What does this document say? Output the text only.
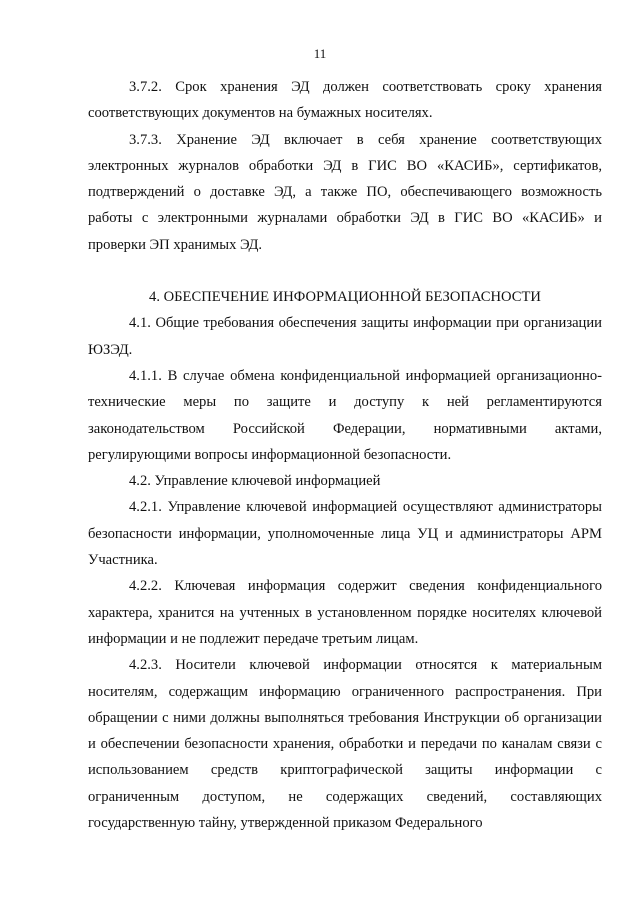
11

3.7.2. Срок хранения ЭД должен соответствовать сроку хранения соответствующих документов на бумажных носителях.

3.7.3. Хранение ЭД включает в себя хранение соответствующих электронных журналов обработки ЭД в ГИС ВО «КАСИБ», сертификатов, подтверждений о доставке ЭД, а также ПО, обеспечивающего возможность работы с электронными журналами обработки ЭД в ГИС ВО «КАСИБ» и проверки ЭП хранимых ЭД.

4. ОБЕСПЕЧЕНИЕ ИНФОРМАЦИОННОЙ БЕЗОПАСНОСТИ

4.1. Общие требования обеспечения защиты информации при организации ЮЗЭД.

4.1.1. В случае обмена конфиденциальной информацией организационно-технические меры по защите и доступу к ней регламентируются законодательством Российской Федерации, нормативными актами, регулирующими вопросы информационной безопасности.

4.2. Управление ключевой информацией

4.2.1. Управление ключевой информацией осуществляют администраторы безопасности информации, уполномоченные лица УЦ и администраторы АРМ Участника.

4.2.2. Ключевая информация содержит сведения конфиденциального характера, хранится на учтенных в установленном порядке носителях ключевой информации и не подлежит передаче третьим лицам.

4.2.3. Носители ключевой информации относятся к материальным носителям, содержащим информацию ограниченного распространения. При обращении с ними должны выполняться требования Инструкции об организации и обеспечении безопасности хранения, обработки и передачи по каналам связи с использованием средств криптографической защиты информации с ограниченным доступом, не содержащих сведений, составляющих государственную тайну, утвержденной приказом Федерального
